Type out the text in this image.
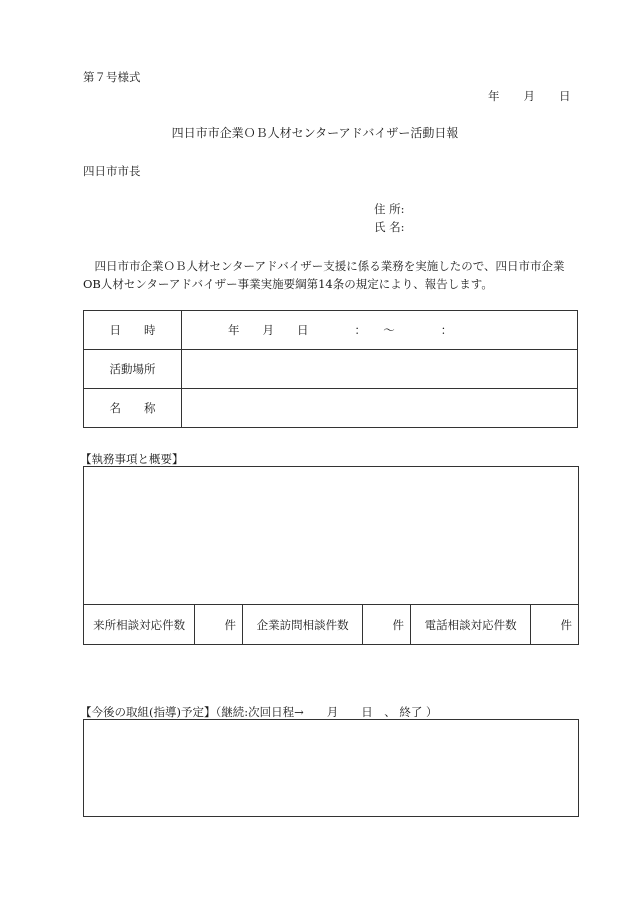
第７号様式
年 月 日
四日市市企業ＯＢ人材センターアドバイザー活動日報
四日市市長
住 所:
氏 名:

　四日市市企業ＯＢ人材センターアドバイザー支援に係る業務を実施したので、四日市市企業

OB人材センターアドバイザー事業実施要綱第14条の規定により、報告します。

日　　時	年　　月　　日　　　　：　　～　　　　：
活動場所	
名　　称	
【執務事項と概要】
来所相談対応件数	件	企業訪問相談件数	件	電話相談対応件数	件
【今後の取組(指導)予定】（継続:次回日程→　　月　　日　、 終了 ）
